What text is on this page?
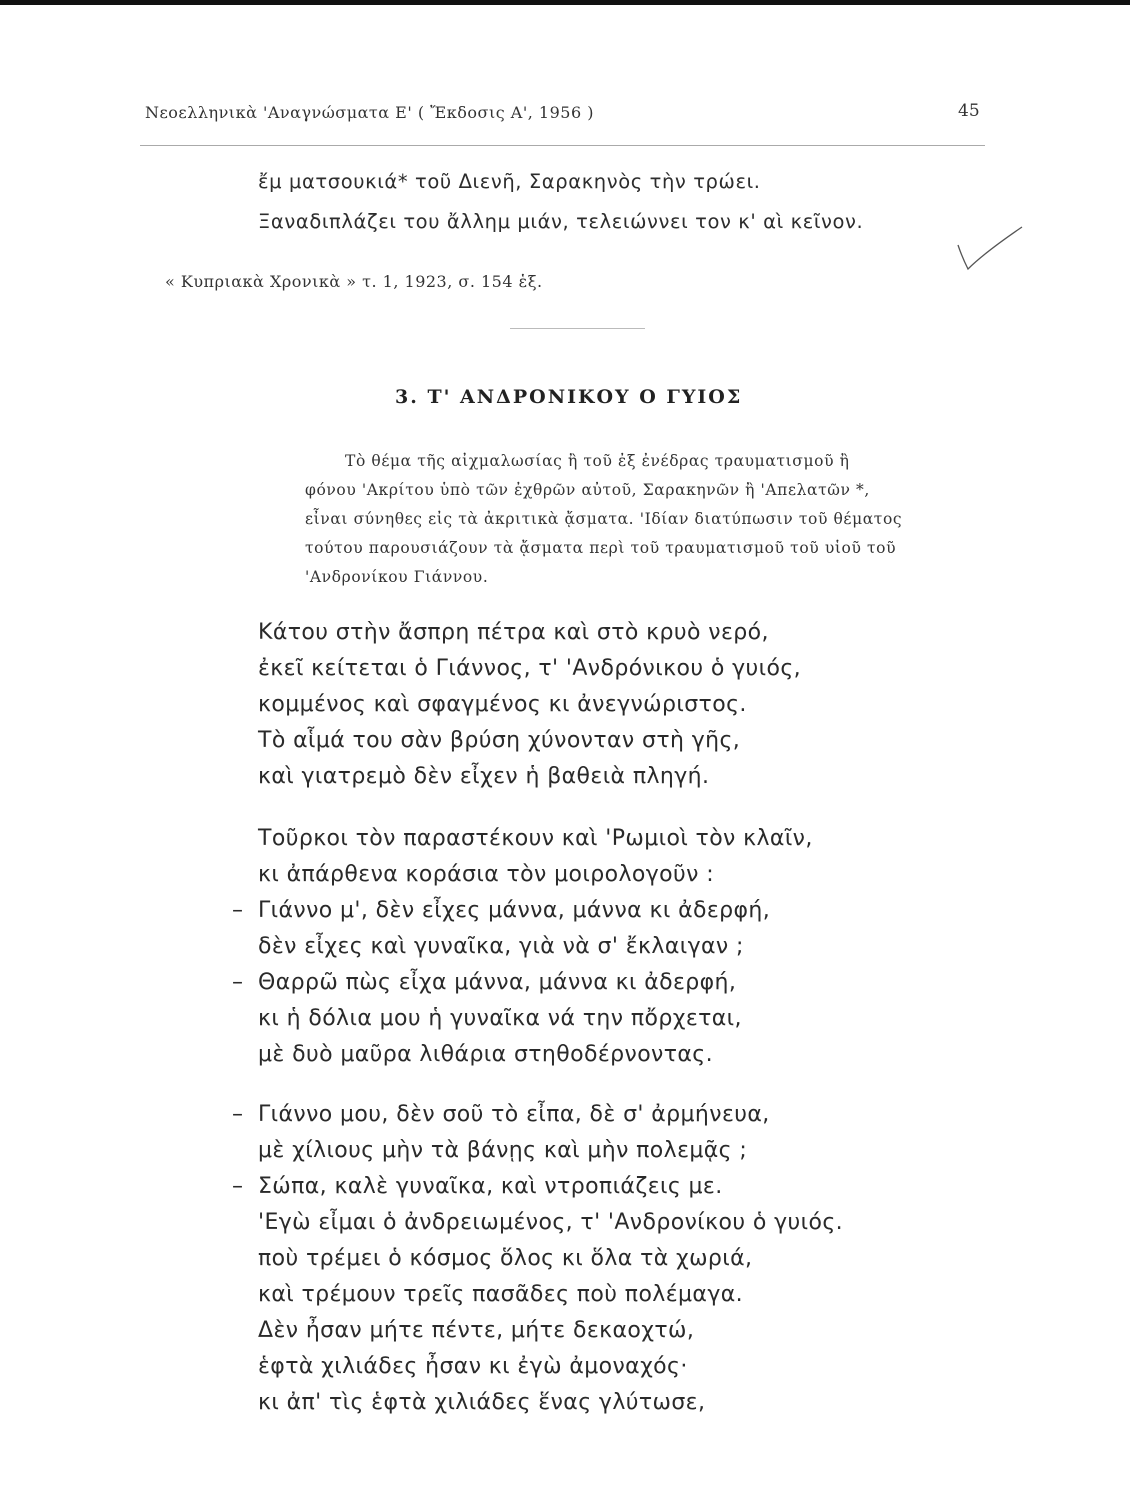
Νεοελληνικὰ 'Αναγνώσματα Ε' ( Ἔκδοσις Α', 1956 )	45
ἔμ ματσουκιά* τοῦ Διενῆ, Σαρακηνὸς τὴν τρώει.
Ξαναδιπλάζει του ἄλλημ μιάν, τελειώννει τον κ' αὶ κεῖνον.
« Κυπριακὰ Χρονικὰ » τ. 1, 1923, σ. 154 ἑξ.
3. Τ' ΑΝΔΡΟΝΙΚΟΥ Ο ΓΥΙΟΣ
Τὸ θέμα τῆς αἰχμαλωσίας ἢ τοῦ ἐξ ἐνέδρας τραυματισμοῦ ἢ
φόνου 'Ακρίτου ὑπὸ τῶν ἐχθρῶν αὐτοῦ, Σαρακηνῶν ἢ 'Απελατῶν *,
εἶναι σύνηθες εἰς τὰ ἀκριτικὰ ᾄσματα. 'Ιδίαν διατύπωσιν τοῦ θέματος
τούτου παρουσιάζουν τὰ ᾄσματα περὶ τοῦ τραυματισμοῦ τοῦ υἱοῦ τοῦ
'Ανδρονίκου Γιάννου.
Κάτου στὴν ἄσπρη πέτρα καὶ στὸ κρυὸ νερό,
ἐκεῖ κείτεται ὁ Γιάννος, τ' 'Ανδρόνικου ὁ γυιός,
κομμένος καὶ σφαγμένος κι ἀνεγνώριστος.
Τὸ αἷμά του σὰν βρύση χύνονταν στὴ γῆς,
καὶ γιατρεμὸ δὲν εἶχεν ἡ βαθειὰ πληγή.
Τοῦρκοι τὸν παραστέκουν καὶ 'Ρωμιοὶ τὸν κλαῖν,
κι ἀπάρθενα κοράσια τὸν μοιρολογοῦν :
– Γιάννο μ', δὲν εἶχες μάννα, μάννα κι ἀδερφή,
δὲν εἶχες καὶ γυναῖκα, γιὰ νὰ σ' ἔκλαιγαν ;
– Θαρρῶ πὼς εἶχα μάννα, μάννα κι ἀδερφή,
κι ἡ δόλια μου ἡ γυναῖκα νά την πὄρχεται,
μὲ δυὸ μαῦρα λιθάρια στηθοδέρνοντας.
– Γιάννο μου, δὲν σοῦ τὸ εἶπα, δὲ σ' ἀρμήνευα,
μὲ χίλιους μὴν τὰ βάνῃς καὶ μὴν πολεμᾷς ;
– Σώπα, καλὲ γυναῖκα, καὶ ντροπιάζεις με.
'Εγὼ εἶμαι ὁ ἀνδρειωμένος, τ' 'Ανδρονίκου ὁ γυιός.
ποὺ τρέμει ὁ κόσμος ὅλος κι ὅλα τὰ χωριά,
καὶ τρέμουν τρεῖς πασᾶδες ποὺ πολέμαγα.
Δὲν ἦσαν μήτε πέντε, μήτε δεκαοχτώ,
ἑφτὰ χιλιάδες ἦσαν κι ἐγὼ ἀμοναχός·
κι ἀπ' τὶς ἑφτὰ χιλιάδες ἕνας γλύτωσε,
